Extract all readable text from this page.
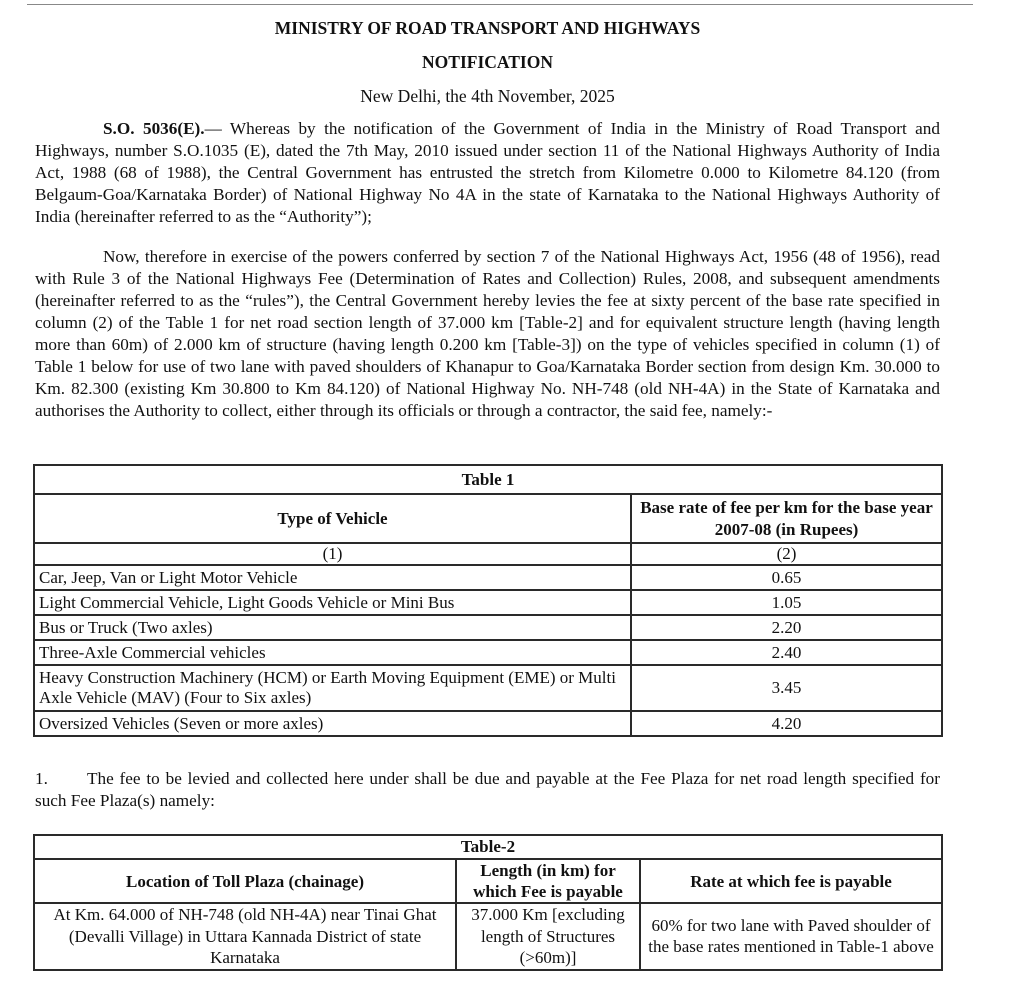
MINISTRY OF ROAD TRANSPORT AND HIGHWAYS
NOTIFICATION
New Delhi, the 4th November, 2025

S.O. 5036(E).— Whereas by the notification of the Government of India in the Ministry of Road Transport and Highways, number S.O.1035 (E), dated the 7th May, 2010 issued under section 11 of the National Highways Authority of India Act, 1988 (68 of 1988), the Central Government has entrusted the stretch from Kilometre 0.000 to Kilometre 84.120 (from Belgaum-Goa/Karnataka Border) of National Highway No 4A in the state of Karnataka to the National Highways Authority of India (hereinafter referred to as the “Authority”);

Now, therefore in exercise of the powers conferred by section 7 of the National Highways Act, 1956 (48 of 1956), read with Rule 3 of the National Highways Fee (Determination of Rates and Collection) Rules, 2008, and subsequent amendments (hereinafter referred to as the “rules”), the Central Government hereby levies the fee at sixty percent of the base rate specified in column (2) of the Table 1 for net road section length of 37.000 km [Table-2] and for equivalent structure length (having length more than 60m) of 2.000 km of structure (having length 0.200 km [Table-3]) on the type of vehicles specified in column (1) of Table 1 below for use of two lane with paved shoulders of Khanapur to Goa/Karnataka Border section from design Km. 30.000 to Km. 82.300 (existing Km 30.800 to Km 84.120) of National Highway No. NH-748 (old NH-4A) in the State of Karnataka and authorises the Authority to collect, either through its officials or through a contractor, the said fee, namely:-

Table 1	
Type of Vehicle	Base rate of fee per km for the base year 2007-08 (in Rupees)
(1)	(2)
Car, Jeep, Van or Light Motor Vehicle	0.65
Light Commercial Vehicle, Light Goods Vehicle or Mini Bus	1.05
Bus or Truck (Two axles)	2.20
Three-Axle Commercial vehicles	2.40
Heavy Construction Machinery (HCM) or Earth Moving Equipment (EME) or Multi Axle Vehicle (MAV) (Four to Six axles)	3.45
Oversized Vehicles (Seven or more axles)	4.20

1. The fee to be levied and collected here under shall be due and payable at the Fee Plaza for net road length specified for such Fee Plaza(s) namely:

Table-2		
Location of Toll Plaza (chainage)	Length (in km) for which Fee is payable	Rate at which fee is payable
At Km. 64.000 of NH-748 (old NH-4A) near Tinai Ghat (Devalli Village) in Uttara Kannada District of state Karnataka	37.000 Km [excluding length of Structures (>60m)]	60% for two lane with Paved shoulder of the base rates mentioned in Table-1 above
